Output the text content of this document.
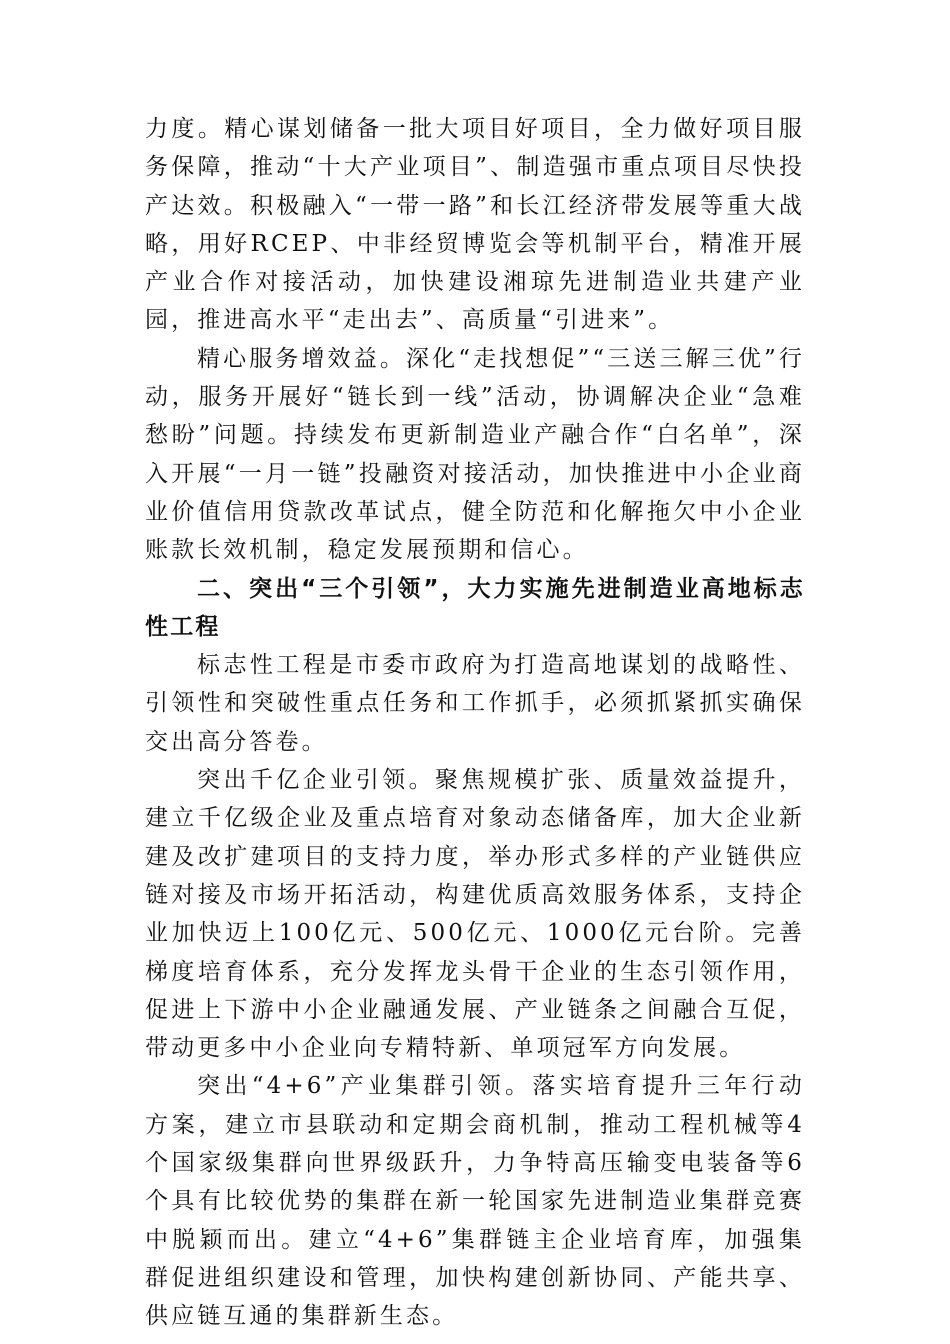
力度。精心谋划储备一批大项目好项目，全力做好项目服务保障，推动“十大产业项目”、制造强市重点项目尽快投产达效。积极融入“一带一路”和长江经济带发展等重大战略，用好RCEP、中非经贸博览会等机制平台，精准开展产业合作对接活动，加快建设湘琼先进制造业共建产业园，推进高水平“走出去”、高质量“引进来”。

精心服务增效益。深化“走找想促”“三送三解三优”行动，服务开展好“链长到一线”活动，协调解决企业“急难愁盼”问题。持续发布更新制造业产融合作“白名单”，深入开展“一月一链”投融资对接活动，加快推进中小企业商业价值信用贷款改革试点，健全防范和化解拖欠中小企业账款长效机制，稳定发展预期和信心。

二、突出“三个引领”，大力实施先进制造业高地标志性工程

标志性工程是市委市政府为打造高地谋划的战略性、引领性和突破性重点任务和工作抓手，必须抓紧抓实确保交出高分答卷。

突出千亿企业引领。聚焦规模扩张、质量效益提升，建立千亿级企业及重点培育对象动态储备库，加大企业新建及改扩建项目的支持力度，举办形式多样的产业链供应链对接及市场开拓活动，构建优质高效服务体系，支持企业加快迈上100亿元、500亿元、1000亿元台阶。完善梯度培育体系，充分发挥龙头骨干企业的生态引领作用，促进上下游中小企业融通发展、产业链条之间融合互促，带动更多中小企业向专精特新、单项冠军方向发展。

突出“4+6”产业集群引领。落实培育提升三年行动方案，建立市县联动和定期会商机制，推动工程机械等4个国家级集群向世界级跃升，力争特高压输变电装备等6个具有比较优势的集群在新一轮国家先进制造业集群竞赛中脱颖而出。建立“4+6”集群链主企业培育库，加强集群促进组织建设和管理，加快构建创新协同、产能共享、供应链互通的集群新生态。
